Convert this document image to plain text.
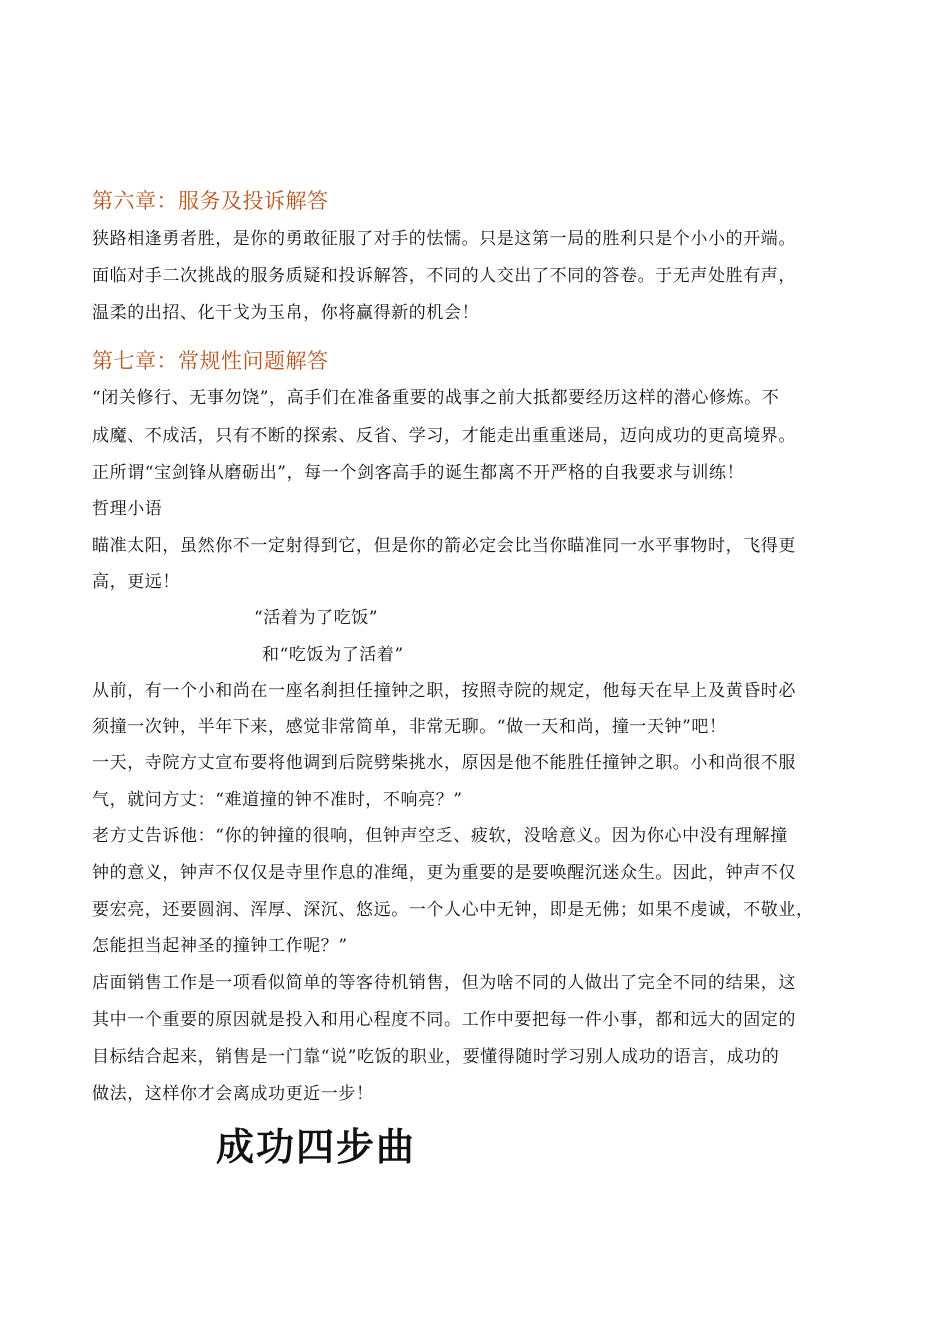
第六章：服务及投诉解答
狭路相逢勇者胜，是你的勇敢征服了对手的怯懦。只是这第一局的胜利只是个小小的开端。
面临对手二次挑战的服务质疑和投诉解答，不同的人交出了不同的答卷。于无声处胜有声，
温柔的出招、化干戈为玉帛，你将赢得新的机会！
第七章：常规性问题解答
“闭关修行、无事勿饶”，高手们在准备重要的战事之前大抵都要经历这样的潜心修炼。不
成魔、不成活，只有不断的探索、反省、学习，才能走出重重迷局，迈向成功的更高境界。
正所谓“宝剑锋从磨砺出”，每一个剑客高手的诞生都离不开严格的自我要求与训练！
哲理小语
瞄准太阳，虽然你不一定射得到它，但是你的箭必定会比当你瞄准同一水平事物时，飞得更
高，更远！
“活着为了吃饭”
和“吃饭为了活着”
从前，有一个小和尚在一座名刹担任撞钟之职，按照寺院的规定，他每天在早上及黄昏时必
须撞一次钟，半年下来，感觉非常简单，非常无聊。“做一天和尚，撞一天钟”吧！
一天，寺院方丈宣布要将他调到后院劈柴挑水，原因是他不能胜任撞钟之职。小和尚很不服
气，就问方丈：“难道撞的钟不准时，不响亮？”
老方丈告诉他：“你的钟撞的很响，但钟声空乏、疲软，没啥意义。因为你心中没有理解撞
钟的意义，钟声不仅仅是寺里作息的准绳，更为重要的是要唤醒沉迷众生。因此，钟声不仅
要宏亮，还要圆润、浑厚、深沉、悠远。一个人心中无钟，即是无佛；如果不虔诚，不敬业，
怎能担当起神圣的撞钟工作呢？”
店面销售工作是一项看似简单的等客待机销售，但为啥不同的人做出了完全不同的结果，这
其中一个重要的原因就是投入和用心程度不同。工作中要把每一件小事，都和远大的固定的
目标结合起来，销售是一门靠“说”吃饭的职业，要懂得随时学习别人成功的语言，成功的
做法，这样你才会离成功更近一步！
成功四步曲
